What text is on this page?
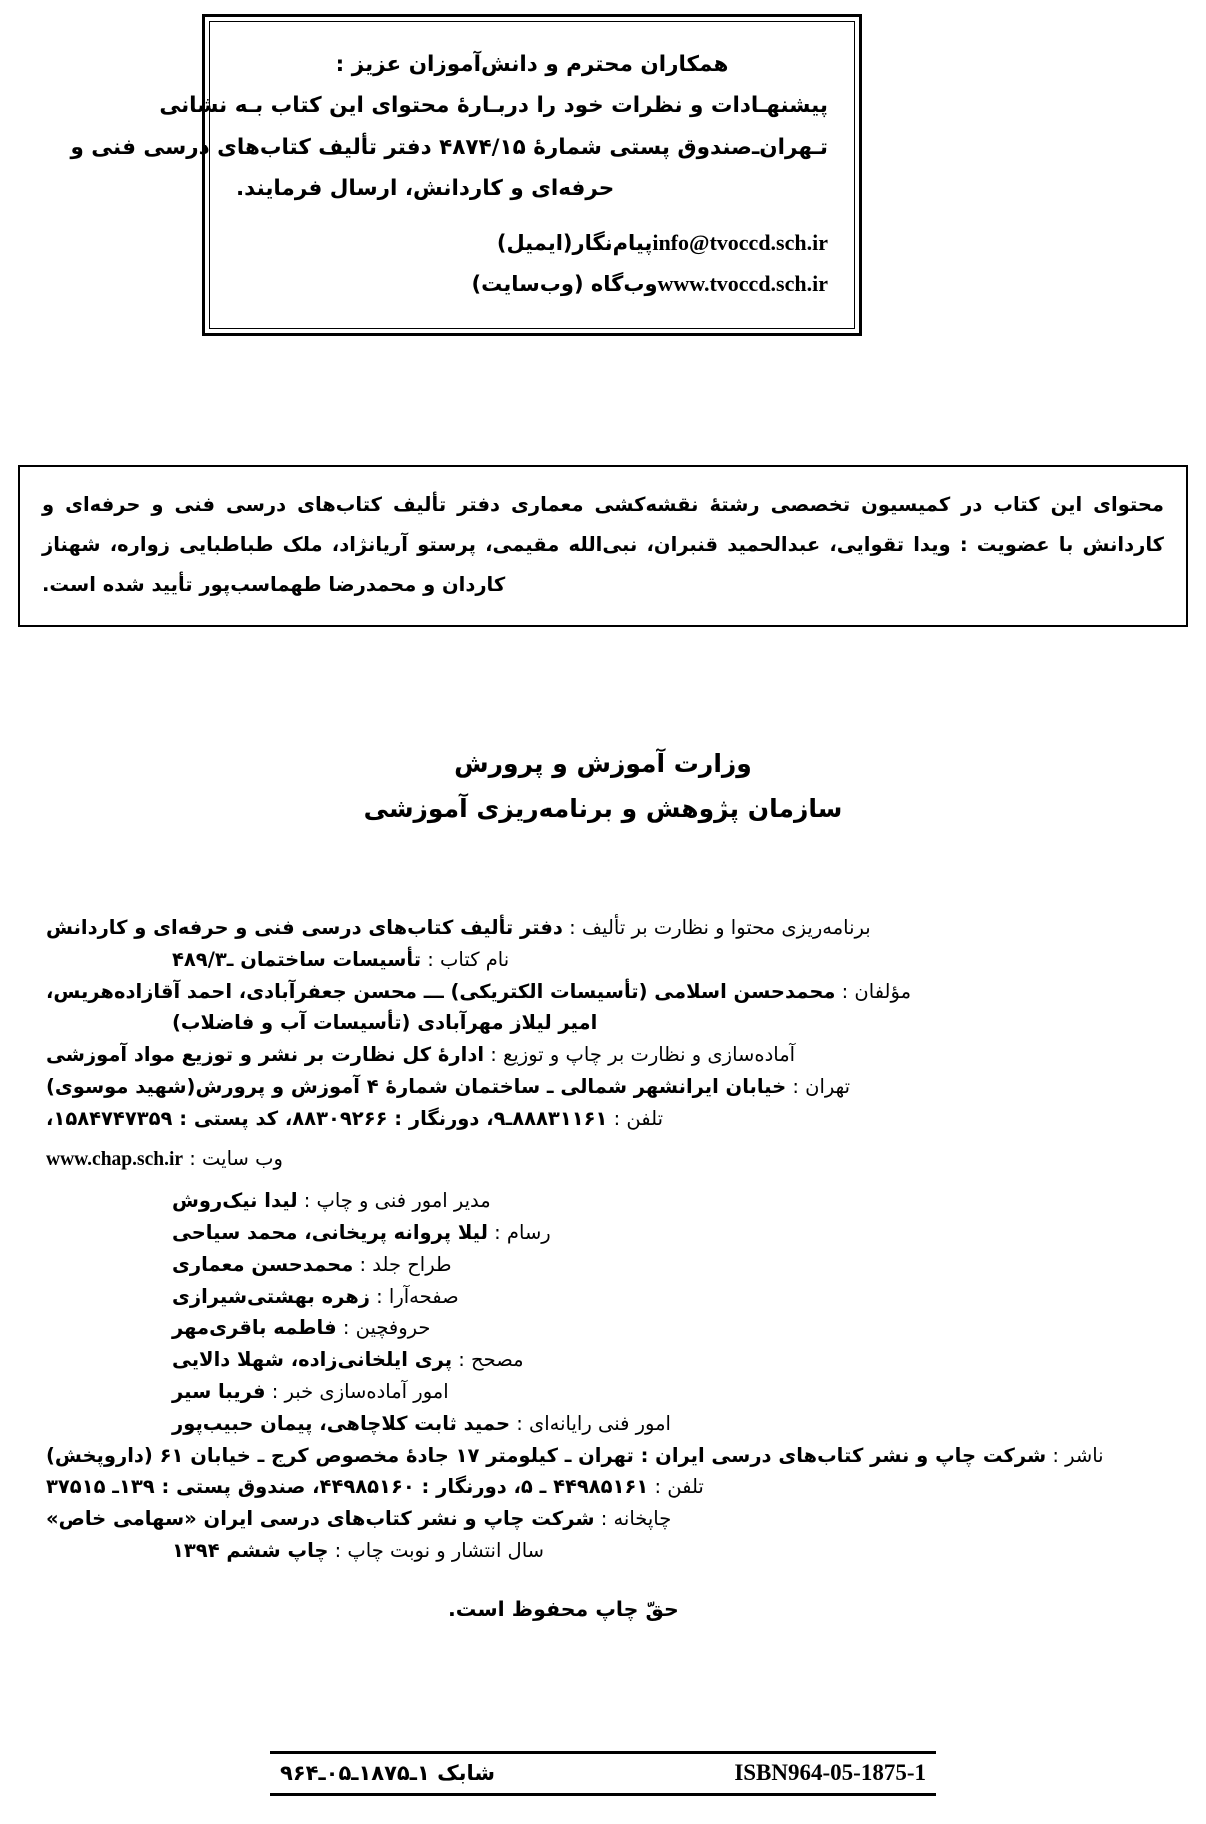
همکاران محترم و دانش‌آموزان عزیز :
پیشنهـادات و نظرات خود را دربـارهٔ محتوای این کتاب بـه نشانی
تـهران‌ـ‌صندوق پستی شمارهٔ ۴۸۷۴/۱۵ دفتر تألیف کتاب‌های درسی فنی و
حرفه‌ای و کاردانش، ارسال فرمایند.
info@tvoccd.sch.ir
پیام‌نگار(ایمیل)
www.tvoccd.sch.ir
وب‌گاه (وب‌سایت)
محتوای این کتاب در کمیسیون تخصصی رشتهٔ نقشه‌کشی معماری دفتر تألیف کتاب‌های درسی فنی و حرفه‌ای و کاردانش با عضویت : ویدا تقوایی، عبدالحمید قنبران، نبی‌الله مقیمی، پرستو آریانژاد، ملک طباطبایی زواره، شهناز کاردان و محمدرضا طهماسب‌پور تأیید شده است.
وزارت آموزش و پرورش
سازمان پژوهش و برنامه‌ریزی آموزشی
برنامه‌ریزی محتوا و نظارت بر تألیف : دفتر تألیف کتاب‌های درسی فنی و حرفه‌ای و کاردانش
نام کتاب : تأسیسات ساختمان ـ۴۸۹/۳
مؤلفان : محمدحسن اسلامی (تأسیسات الکتریکی) ـــ محسن جعفرآبادی، احمد آقازاده‌هریس،
امیر لیلاز مهرآبادی (تأسیسات آب و فاضلاب)
آماده‌سازی و نظارت بر چاپ و توزیع : ادارهٔ کل نظارت بر نشر و توزیع مواد آموزشی
تهران : خیابان ایرانشهر شمالی ـ ساختمان شمارهٔ ۴ آموزش و پرورش(شهید موسوی)
تلفن : ۸۸۸۳۱۱۶۱ـ۹، دورنگار : ۸۸۳۰۹۲۶۶، کد پستی : ۱۵۸۴۷۴۷۳۵۹،
وب سایت : www.chap.sch.ir
مدیر امور فنی و چاپ : لیدا نیک‌روش
رسام : لیلا پروانه پریخانی، محمد سیاحی
طراح جلد : محمدحسن معماری
صفحه‌آرا : زهره بهشتی‌شیرازی
حروفچین : فاطمه باقری‌مهر
مصحح : پری ایلخانی‌زاده، شهلا دالایی
امور آماده‌سازی خبر : فریبا سیر
امور فنی رایانه‌ای : حمید ثابت کلاچاهی، پیمان حبیب‌پور
ناشر : شرکت چاپ و نشر کتاب‌های درسی ایران : تهران ـ کیلومتر ۱۷ جادهٔ مخصوص کرج ـ خیابان ۶۱ (داروپخش)
تلفن : ۴۴۹۸۵۱۶۱ ـ ۵، دورنگار : ۴۴۹۸۵۱۶۰، صندوق پستی : ۱۳۹ـ ۳۷۵۱۵
چاپخانه : شرکت چاپ و نشر کتاب‌های درسی ایران «سهامی خاص»
سال انتشار و نوبت چاپ : چاپ ششم ۱۳۹۴
حقّ چاپ محفوظ است.
ISBN964-05-1875-1
شابک ۱ـ۱۸۷۵ـ۰۵ـ۹۶۴
